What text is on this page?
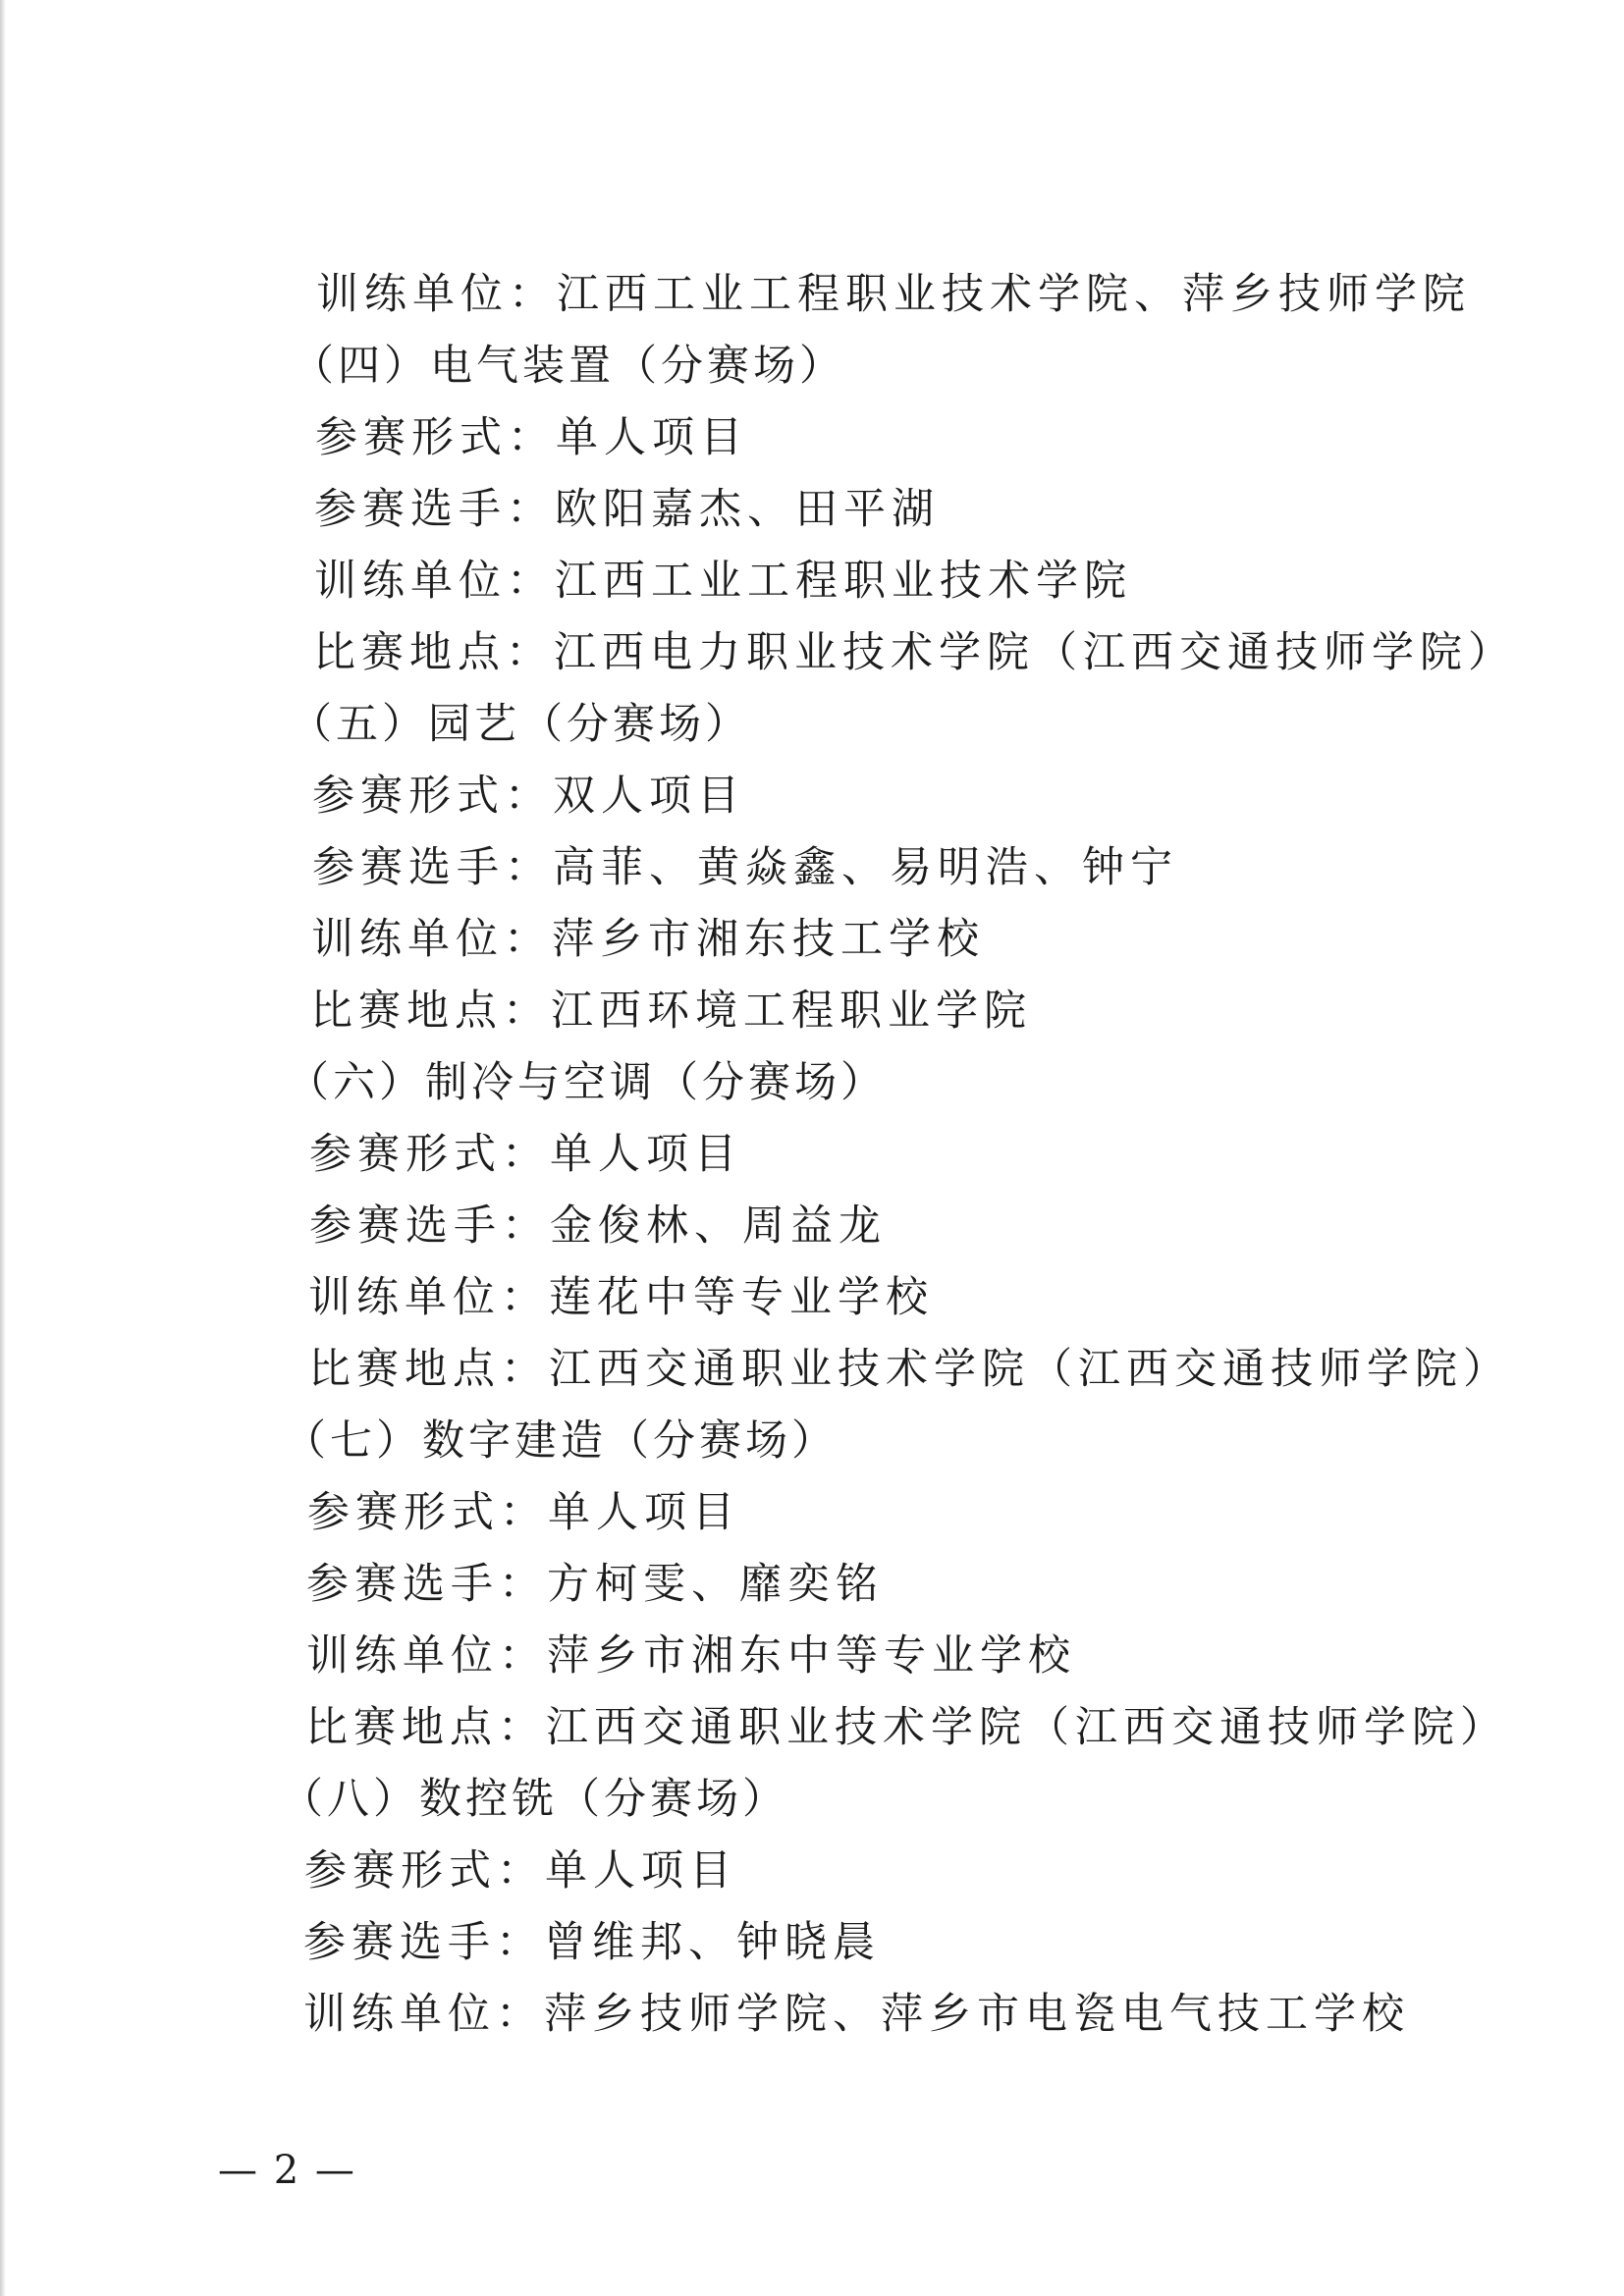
训练单位：江西工业工程职业技术学院、萍乡技师学院
（四）电气装置（分赛场）
参赛形式：单人项目
参赛选手：欧阳嘉杰、田平湖
训练单位：江西工业工程职业技术学院
比赛地点：江西电力职业技术学院（江西交通技师学院）
（五）园艺（分赛场）
参赛形式：双人项目
参赛选手：高菲、黄焱鑫、易明浩、钟宁
训练单位：萍乡市湘东技工学校
比赛地点：江西环境工程职业学院
（六）制冷与空调（分赛场）
参赛形式：单人项目
参赛选手：金俊林、周益龙
训练单位：莲花中等专业学校
比赛地点：江西交通职业技术学院（江西交通技师学院）
（七）数字建造（分赛场）
参赛形式：单人项目
参赛选手：方柯雯、靡奕铭
训练单位：萍乡市湘东中等专业学校
比赛地点：江西交通职业技术学院（江西交通技师学院）
（八）数控铣（分赛场）
参赛形式：单人项目
参赛选手：曾维邦、钟晓晨
训练单位：萍乡技师学院、萍乡市电瓷电气技工学校
— 2 —
